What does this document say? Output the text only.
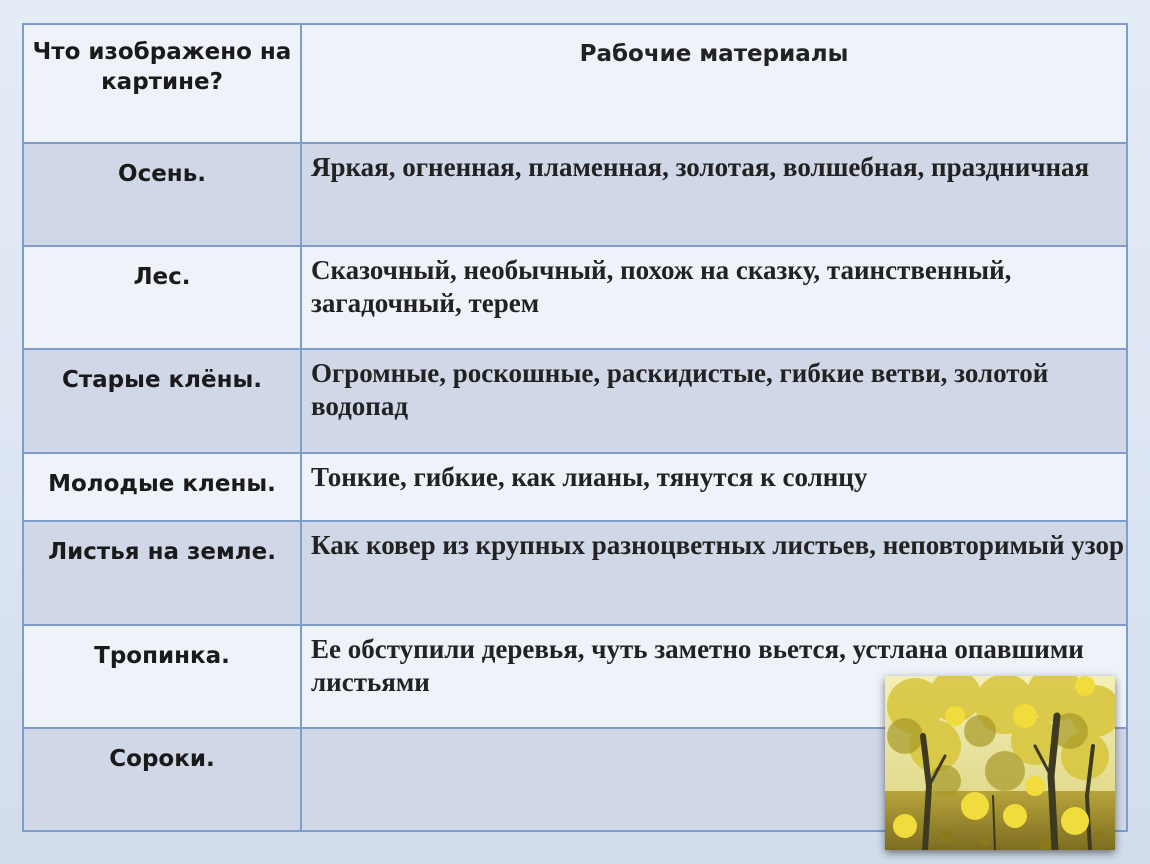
Что изображено на картине?	Рабочие материалы

Осень.	Яркая, огненная, пламенная, золотая, волшебная, праздничная

Лес.	Сказочный, необычный, похож на сказку, таинственный, загадочный, терем

Старые клёны.	Огромные, роскошные, раскидистые, гибкие ветви, золотой водопад

Молодые клены.	Тонкие, гибкие, как лианы, тянутся к солнцу

Листья на земле.	Как ковер из крупных разноцветных листьев, неповторимый узор

Тропинка.	Ее обступили деревья, чуть заметно вьется, устлана опавшими листьями

Сороки.	
